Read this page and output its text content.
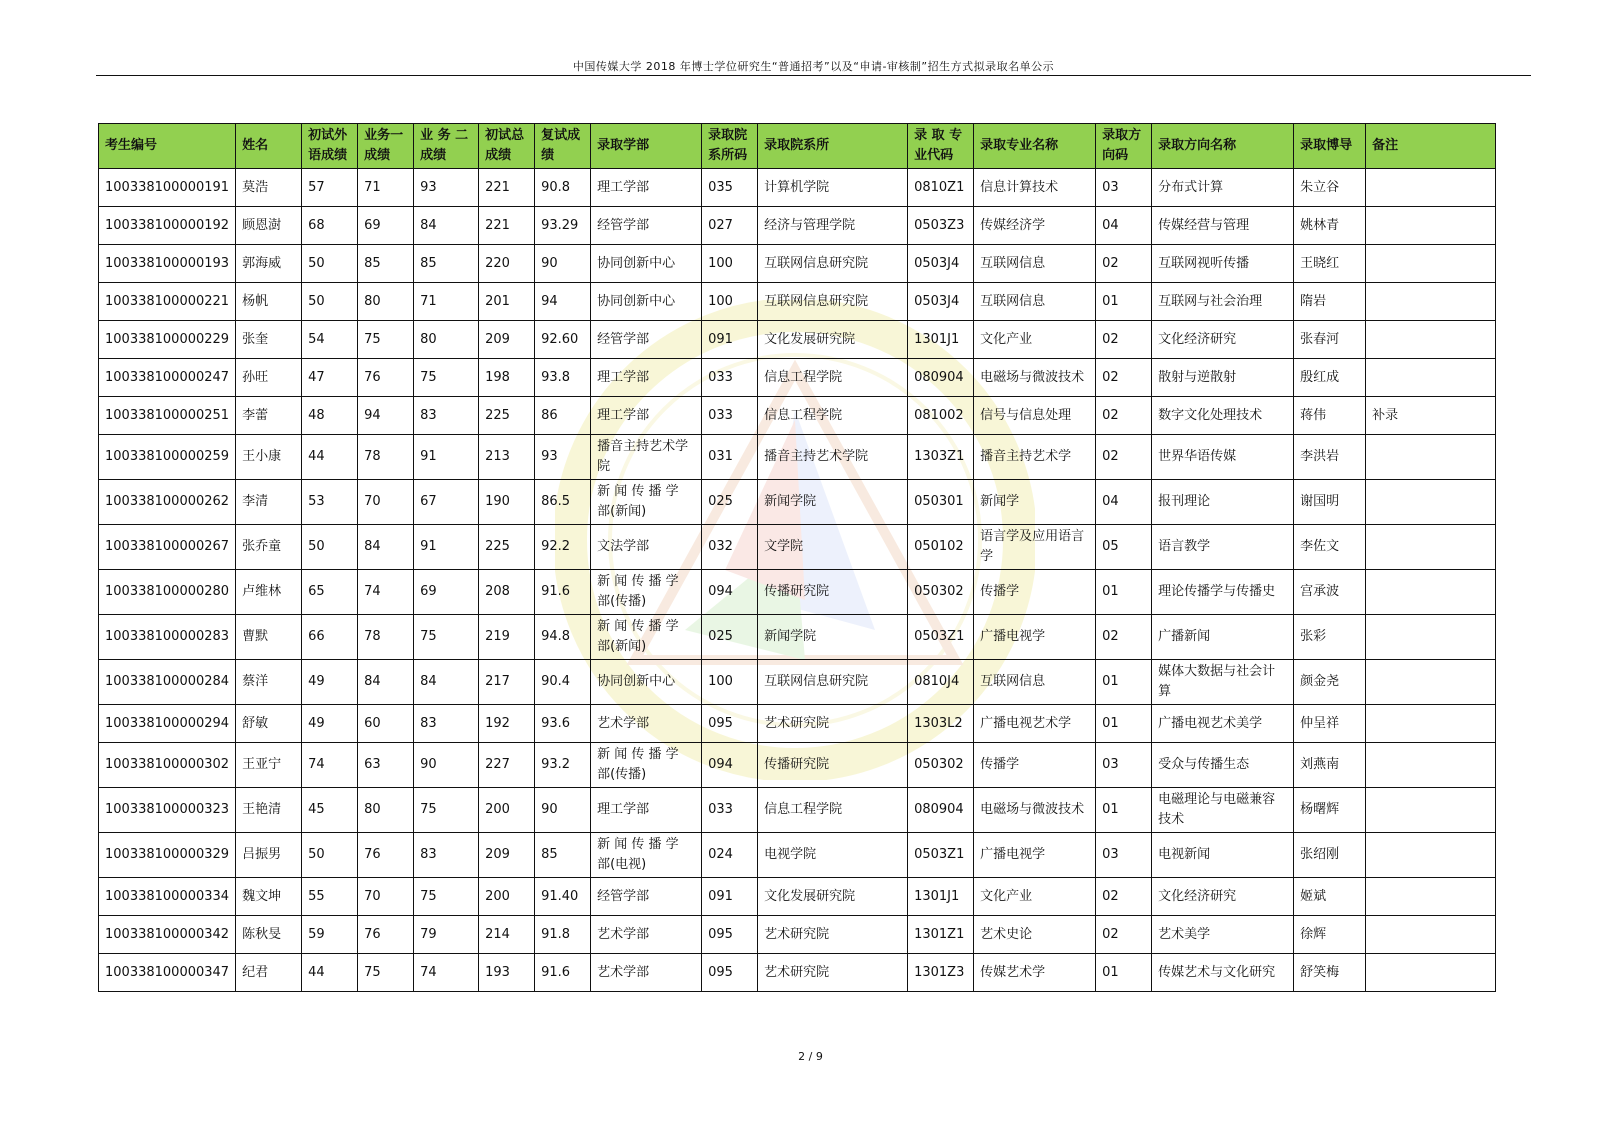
中国传媒大学 2018 年博士学位研究生“普通招考”以及“申请-审核制”招生方式拟录取名单公示
考生编号	姓名	初试外语成绩	业务一成绩	业 务 二成绩	初试总成绩	复试成绩	录取学部	录取院系所码	录取院系所	录 取 专业代码	录取专业名称	录取方向码	录取方向名称	录取博导	备注
100338100000191	莫浩	57	71	93	221	90.8	理工学部	035	计算机学院	0810Z1	信息计算技术	03	分布式计算	朱立谷	
100338100000192	顾恩澍	68	69	84	221	93.29	经管学部	027	经济与管理学院	0503Z3	传媒经济学	04	传媒经营与管理	姚林青	
100338100000193	郭海威	50	85	85	220	90	协同创新中心	100	互联网信息研究院	0503J4	互联网信息	02	互联网视听传播	王晓红	
100338100000221	杨帆	50	80	71	201	94	协同创新中心	100	互联网信息研究院	0503J4	互联网信息	01	互联网与社会治理	隋岩	
100338100000229	张奎	54	75	80	209	92.60	经管学部	091	文化发展研究院	1301J1	文化产业	02	文化经济研究	张春河	
100338100000247	孙旺	47	76	75	198	93.8	理工学部	033	信息工程学院	080904	电磁场与微波技术	02	散射与逆散射	殷红成	
100338100000251	李蕾	48	94	83	225	86	理工学部	033	信息工程学院	081002	信号与信息处理	02	数字文化处理技术	蒋伟	补录
100338100000259	王小康	44	78	91	213	93	播音主持艺术学院	031	播音主持艺术学院	1303Z1	播音主持艺术学	02	世界华语传媒	李洪岩	
100338100000262	李清	53	70	67	190	86.5	新 闻 传 播 学 部(新闻)	025	新闻学院	050301	新闻学	04	报刊理论	谢国明	
100338100000267	张乔童	50	84	91	225	92.2	文法学部	032	文学院	050102	语言学及应用语言学	05	语言教学	李佐文	
100338100000280	卢维林	65	74	69	208	91.6	新 闻 传 播 学 部(传播)	094	传播研究院	050302	传播学	01	理论传播学与传播史	宫承波	
100338100000283	曹默	66	78	75	219	94.8	新 闻 传 播 学 部(新闻)	025	新闻学院	0503Z1	广播电视学	02	广播新闻	张彩	
100338100000284	蔡洋	49	84	84	217	90.4	协同创新中心	100	互联网信息研究院	0810J4	互联网信息	01	媒体大数据与社会计算	颜金尧	
100338100000294	舒敏	49	60	83	192	93.6	艺术学部	095	艺术研究院	1303L2	广播电视艺术学	01	广播电视艺术美学	仲呈祥	
100338100000302	王亚宁	74	63	90	227	93.2	新 闻 传 播 学 部(传播)	094	传播研究院	050302	传播学	03	受众与传播生态	刘燕南	
100338100000323	王艳清	45	80	75	200	90	理工学部	033	信息工程学院	080904	电磁场与微波技术	01	电磁理论与电磁兼容技术	杨曙辉	
100338100000329	吕振男	50	76	83	209	85	新 闻 传 播 学 部(电视)	024	电视学院	0503Z1	广播电视学	03	电视新闻	张绍刚	
100338100000334	魏文坤	55	70	75	200	91.40	经管学部	091	文化发展研究院	1301J1	文化产业	02	文化经济研究	姬斌	
100338100000342	陈秋旻	59	76	79	214	91.8	艺术学部	095	艺术研究院	1301Z1	艺术史论	02	艺术美学	徐辉	
100338100000347	纪君	44	75	74	193	91.6	艺术学部	095	艺术研究院	1301Z3	传媒艺术学	01	传媒艺术与文化研究	舒笑梅	
2 / 9
